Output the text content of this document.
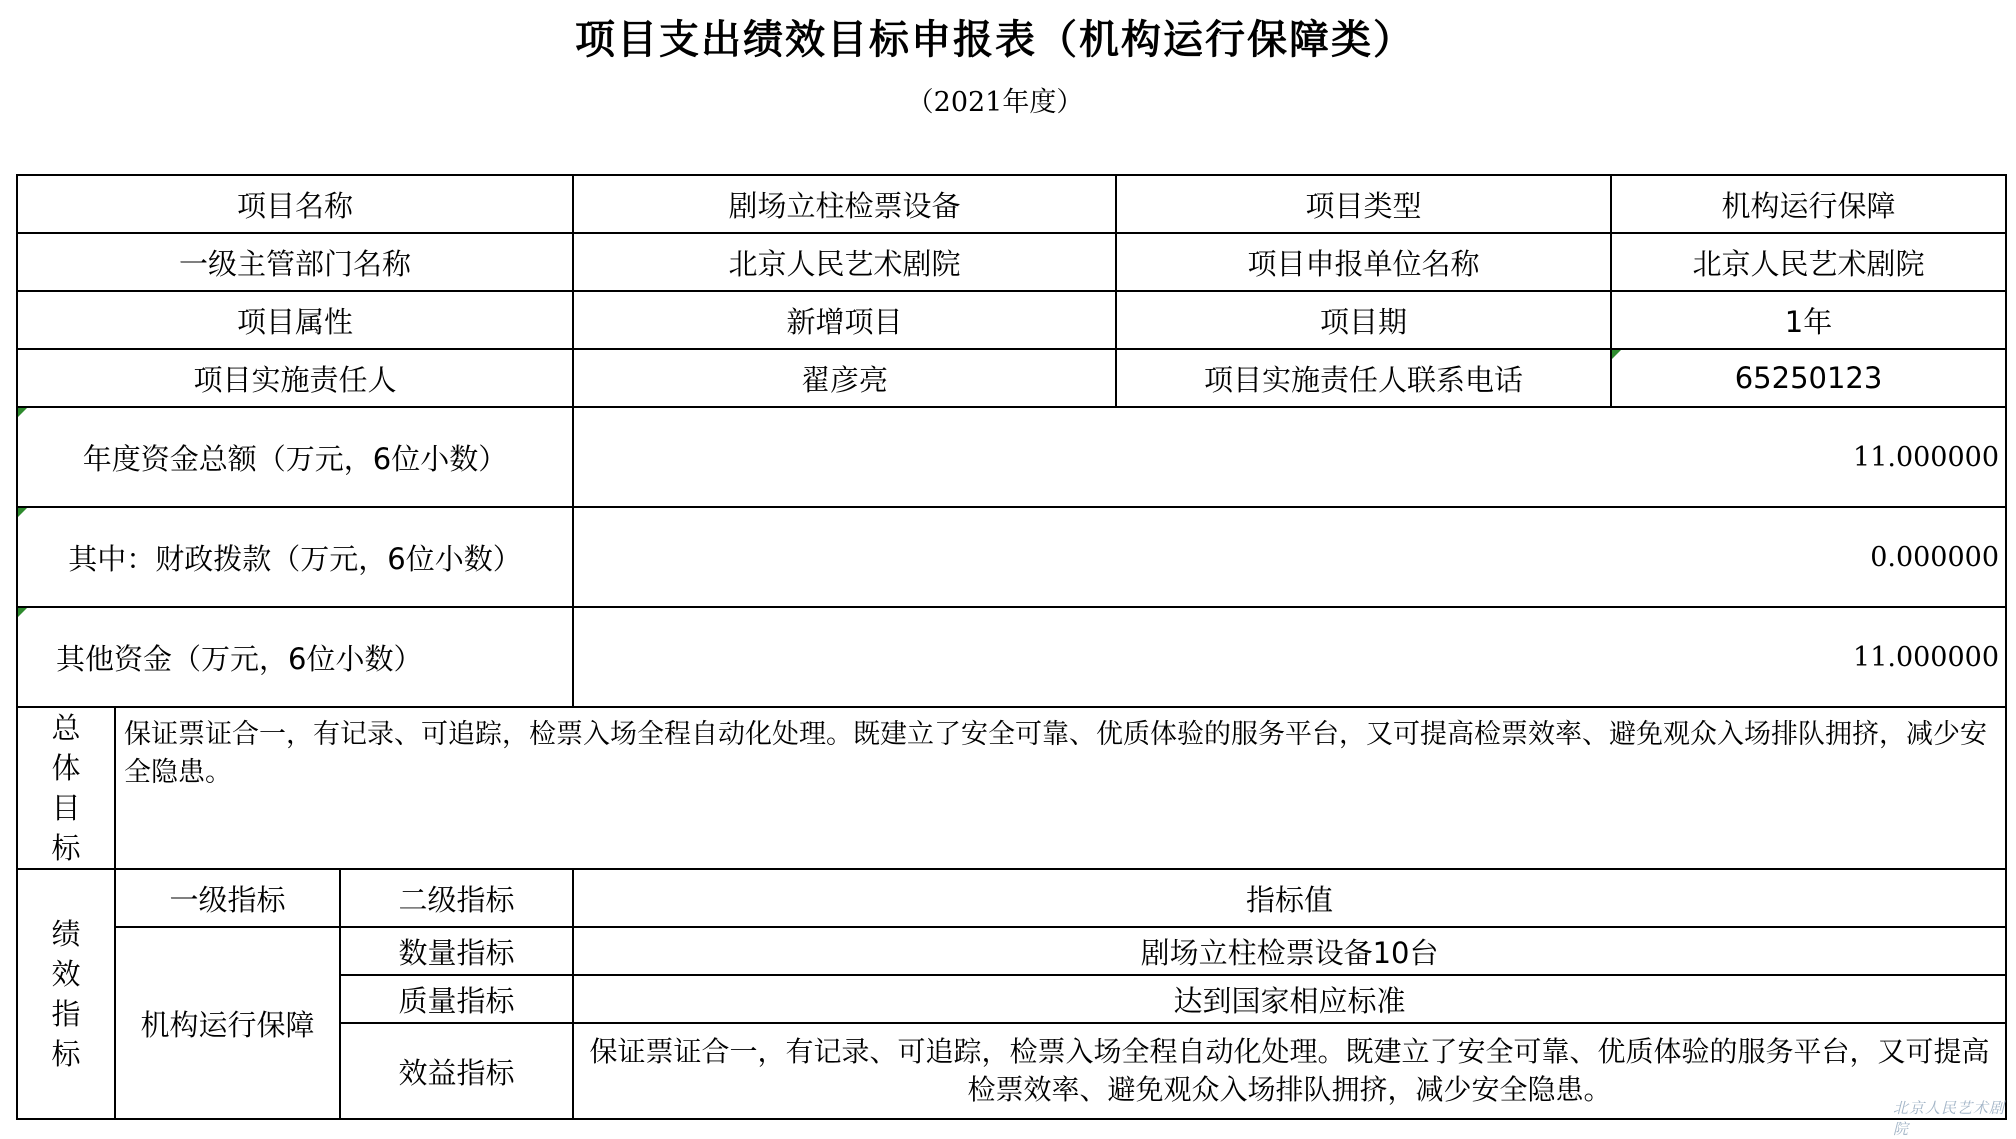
项目支出绩效目标申报表（机构运行保障类）
（2021年度）
项目名称			剧场立柱检票设备	项目类型	机构运行保障
一级主管部门名称			北京人民艺术剧院	项目申报单位名称	北京人民艺术剧院
项目属性			新增项目	项目期	1年
项目实施责任人			翟彦亮	项目实施责任人联系电话	65250123
年度资金总额（万元，6位小数）			11.000000		
其中：财政拨款（万元，6位小数）			0.000000		
其他资金（万元，6位小数）			11.000000		

总
体
目
标	保证票证合一，有记录、可追踪，检票入场全程自动化处理。既建立了安全可靠、优质体验的服务平台，又可提高检票效率、避免观众入场排队拥挤，减少安全隐患。				

绩
效
指
标	一级指标	二级指标	指标值		
	机构运行保障	数量指标	剧场立柱检票设备10台		
		质量指标	达到国家相应标准		
		效益指标	保证票证合一，有记录、可追踪，检票入场全程自动化处理。既建立了安全可靠、优质体验的服务平台，又可提高检票效率、避免观众入场排队拥挤，减少安全隐患。		
北京人民艺术剧院
